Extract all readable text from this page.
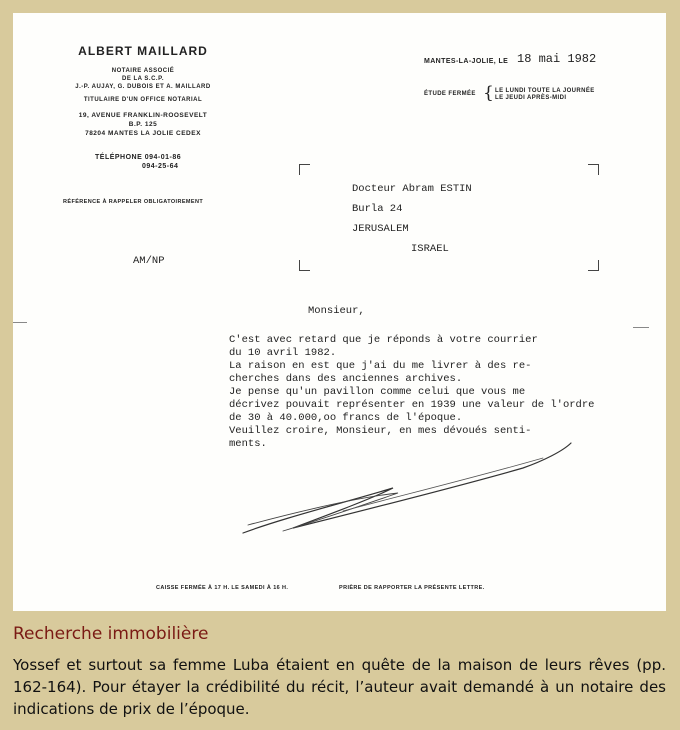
ALBERT MAILLARD
NOTAIRE ASSOCIÉ
DE LA S.C.P.
J.-P. AUJAY, G. DUBOIS ET A. MAILLARD
TITULAIRE D'UN OFFICE NOTARIAL
19, AVENUE FRANKLIN-ROOSEVELT
B.P. 125
78204 MANTES LA JOLIE CEDEX
TÉLÉPHONE 094-01-86
094-25-64
RÉFÉRENCE À RAPPELER OBLIGATOIREMENT
AM/NP
MANTES-LA-JOLIE, LE 18 mai 1982
ÉTUDE FERMÉE { LE LUNDI TOUTE LA JOURNÉE
LE JEUDI APRÈS-MIDI
Docteur Abram ESTIN
Burla 24
JERUSALEM
ISRAEL
Monsieur,
C'est avec retard que je réponds à votre courrier
du 10 avril 1982.
La raison en est que j'ai du me livrer à des re-
cherches dans des anciennes archives.
Je pense qu'un pavillon comme celui que vous me
décrivez pouvait représenter en 1939 une valeur de l'ordre
de 30 à 40.000,oo francs de l'époque.
Veuillez croire, Monsieur, en mes dévoués senti-
ments.
CAISSE FERMÉE À 17 H. LE SAMEDI À 16 H.	PRIÈRE DE RAPPORTER LA PRÉSENTE LETTRE.
Recherche immobilière
Yossef et surtout sa femme Luba étaient en quête de la maison de leurs rêves (pp. 162-164). Pour étayer la crédibilité du récit, l’auteur avait demandé à un notaire des indications de prix de l’époque.
